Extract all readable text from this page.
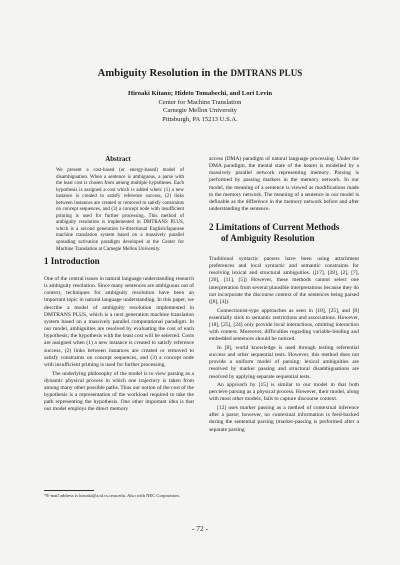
Ambiguity Resolution in the DMTRANS PLUS
Hiroaki Kitano; Hideto Tomabechi, and Lori Levin
Center for Machine Translation
Carnegie Mellon University
Pittsburgh, PA 15213 U.S.A.
Abstract
We present a cost-based (or energy-based) model of disambiguation. When a sentence is ambiguous, a parse with the least cost is chosen from among multiple hypotheses. Each hypothesis is assigned a cost which is added when: (1) a new instance is created to satisfy reference success, (2) links between instances are created or removed to satisfy constraints on concept sequences, and (3) a concept node with insufficient priming is used for further processing. This method of ambiguity resolution is implemented in DMTRANS PLUS, which is a second generation bi-directional English/Japanese machine translation system based on a massively parallel spreading activation paradigm developed at the Center for Machine Translation at Carnegie Mellon University.
1 Introduction

One of the central issues in natural language understanding research is ambiguity resolution. Since many sentences are ambiguous out of context, techniques for ambiguity resolution have been an important topic in natural language understanding. In this paper, we describe a model of ambiguity resolution implemented in DMTRANS PLUS, which is a next generation machine translation system based on a massively parallel computational paradigm. In our model, ambiguities are resolved by evaluating the cost of each hypothesis; the hypothesis with the least cost will be selected. Costs are assigned when (1) a new instance is created to satisfy reference success, (2) links between instances are created or removed to satisfy constraints on concept sequences, and (3) a concept node with insufficient priming is used for further processing.

The underlying philosophy of the model is to view parsing as a dynamic physical process in which one trajectory is taken from among many other possible paths. Thus our notion of the cost of the hypothesis is a representation of the workload required to take the path representing the hypothesis. One other important idea is that our model employs the direct memory

*E-mail address is hiroaki@a.nl.cs.cmu.edu. Also with NEC Corporation.

access (DMA) paradigm of natural language processing. Under the DMA paradigm, the mental state of the hearer is modelled by a massively parallel network representing memory. Parsing is performed by passing markers in the memory network. In our model, the meaning of a sentence is viewed as modifications made to the memory network. The meaning of a sentence in our model is definable as the difference in the memory network before and after understanding the sentence.

2 Limitations of Current Methods
of Ambiguity Resolution

Traditional syntactic parsers have been using attachment preferences and local syntactic and semantic constraints for resolving lexical and structural ambiguities. ([17], [28], [2], [7], [26], [11], [5]) However, these methods cannot select one interpretation from several plausible interpretations because they do not incorporate the discourse context of the sentences being parsed ([8], [4]).

Connectionist-type approaches as seen in [18], [25], and [8] essentially stick to semantic restrictions and associations. However, [18], [25], [24] only provide local interactions, omitting interaction with context. Moreover, difficulties regarding variable-binding and embedded sentences should be noticed.

In [8], world knowledge is used through testing referential success and other sequential tests. However, this method does not provide a uniform model of parsing: lexical ambiguities are resolved by marker passing and structural disambiguations are resolved by applying separate sequential tests.

An approach by [15] is similar to our model in that both percieve parsing as a physical process. However, their model, along with most other models, fails to capture discourse context.

[12] uses marker passing as a method of contextual inference after a parse; however, no contextual information is feed-backed during the sentential parsing (marker-passing is performed after a separate parsing

- 72 -
